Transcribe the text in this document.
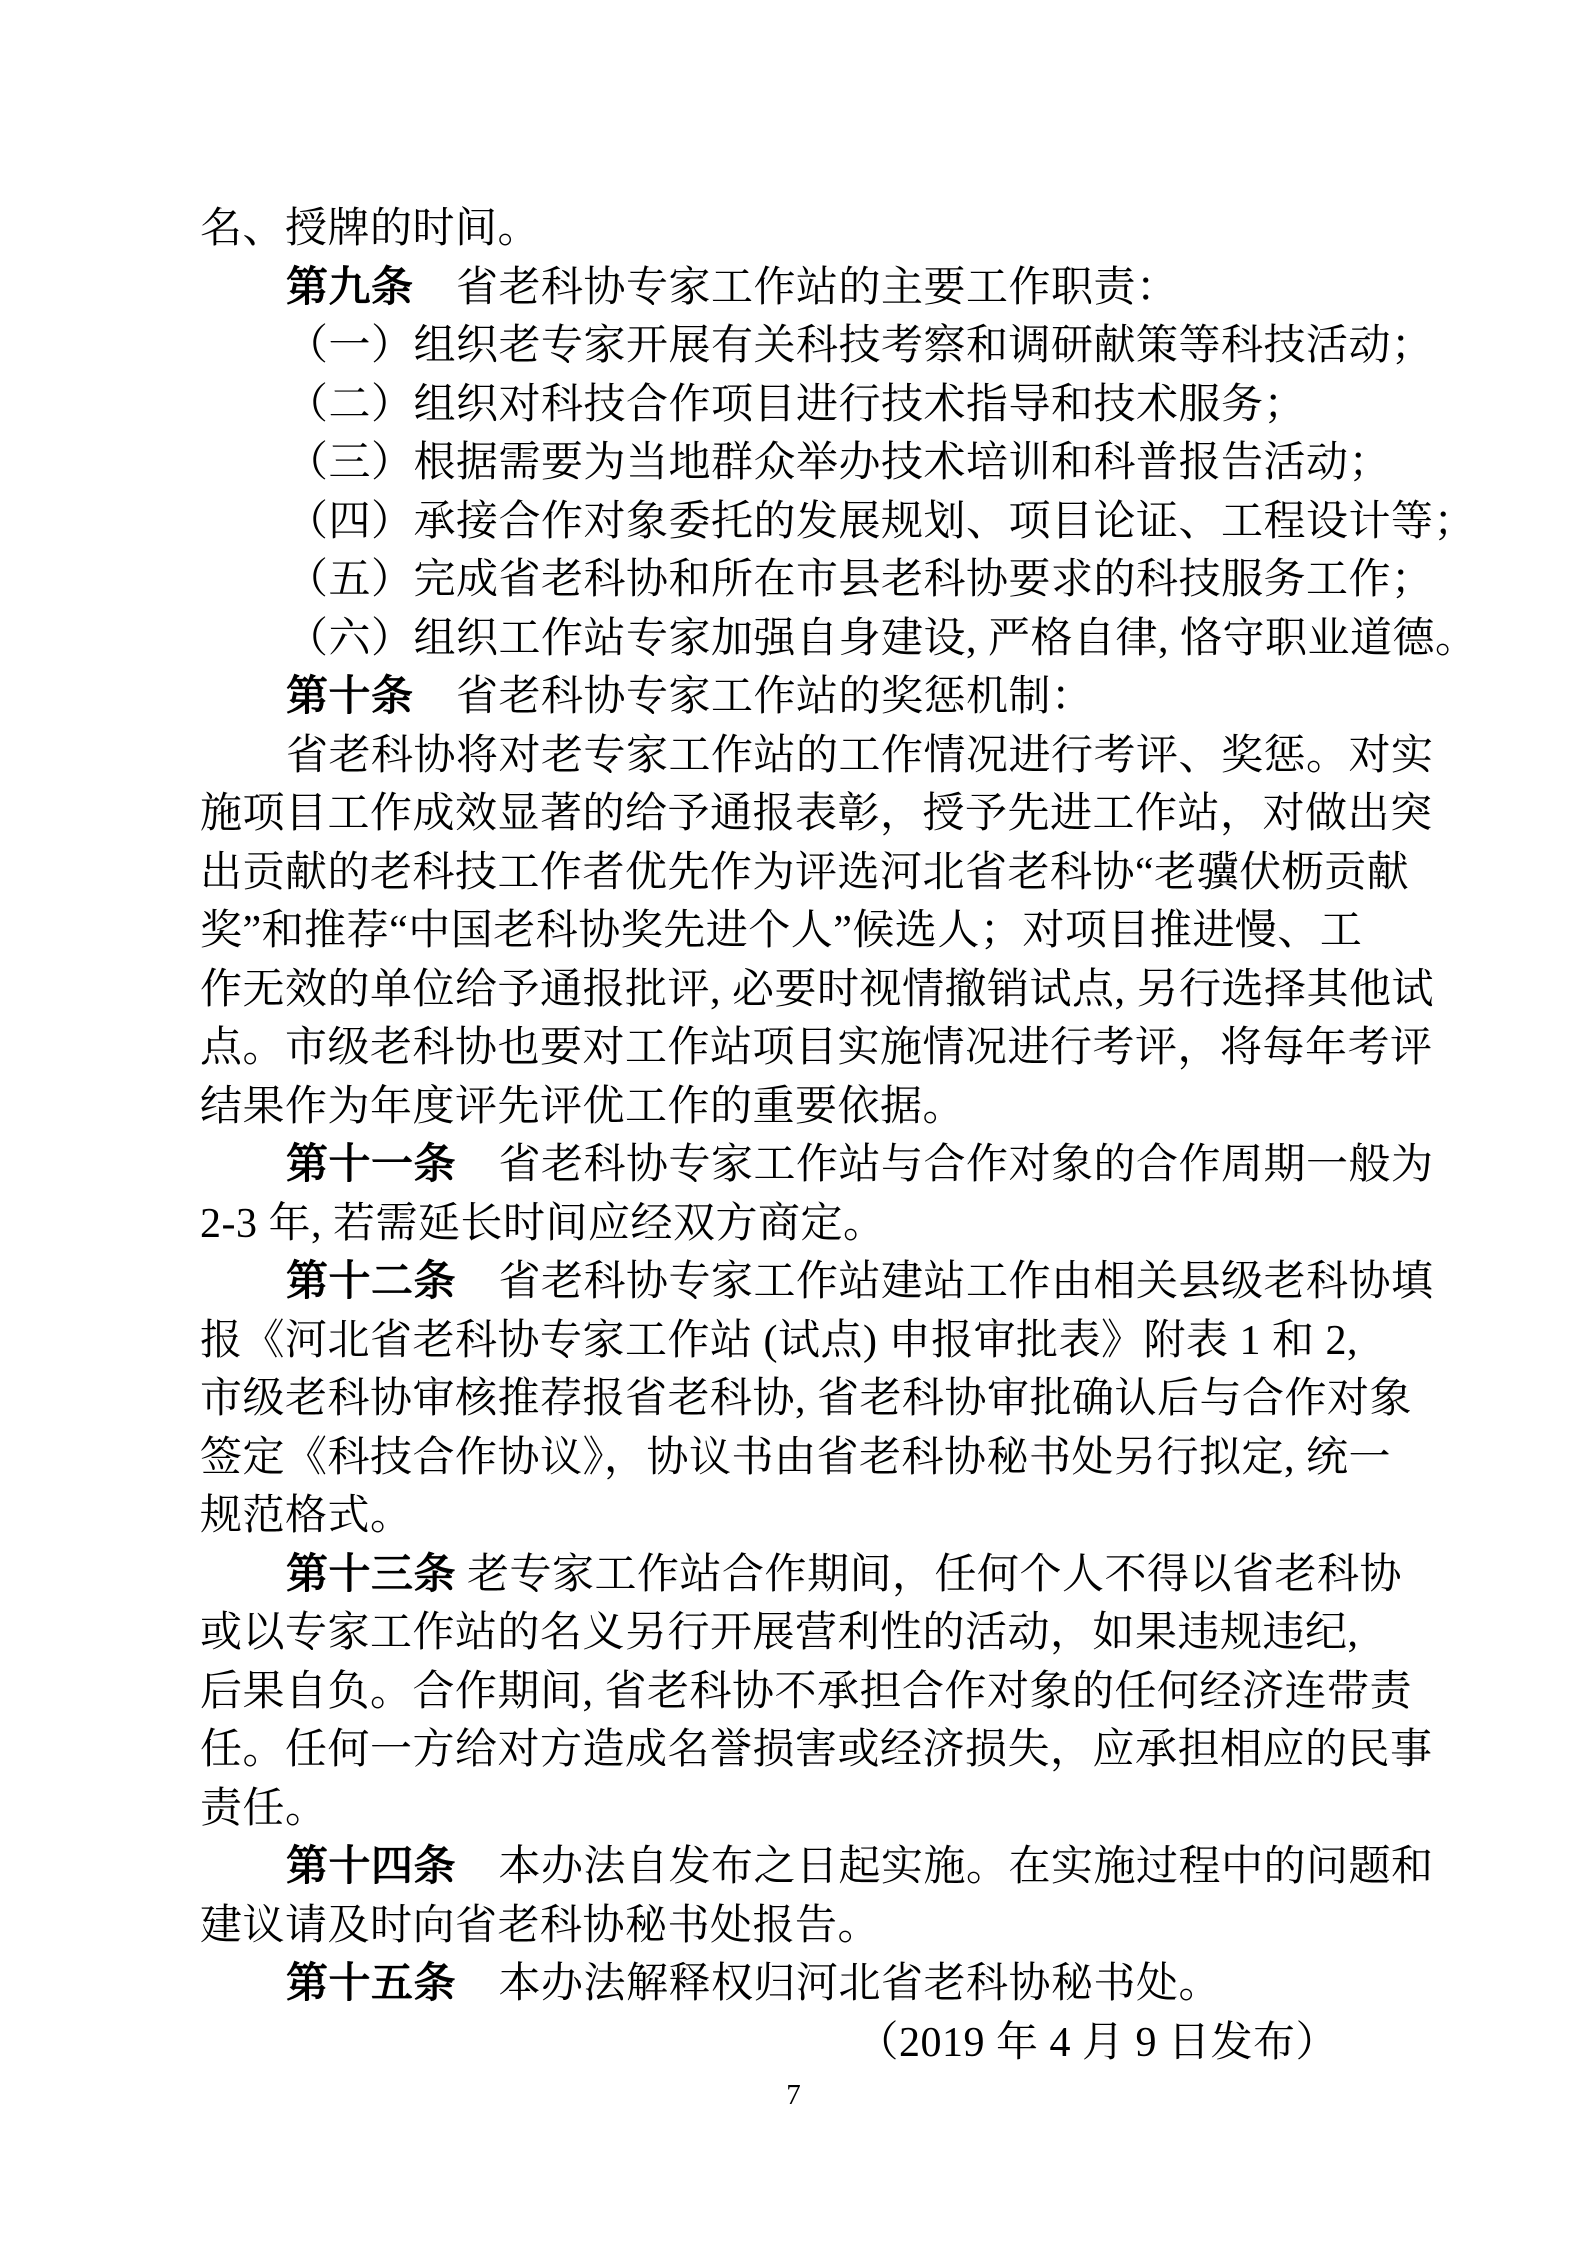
名、授牌的时间。
第九条　省老科协专家工作站的主要工作职责：
（一）组织老专家开展有关科技考察和调研献策等科技活动；
（二）组织对科技合作项目进行技术指导和技术服务；
（三）根据需要为当地群众举办技术培训和科普报告活动；
（四）承接合作对象委托的发展规划、项目论证、工程设计等；
（五）完成省老科协和所在市县老科协要求的科技服务工作；
（六）组织工作站专家加强自身建设, 严格自律, 恪守职业道德。
第十条　省老科协专家工作站的奖惩机制：
省老科协将对老专家工作站的工作情况进行考评、奖惩。对实
施项目工作成效显著的给予通报表彰，授予先进工作站，对做出突
出贡献的老科技工作者优先作为评选河北省老科协“老骥伏枥贡献
奖”和推荐“中国老科协奖先进个人”候选人；对项目推进慢、工
作无效的单位给予通报批评, 必要时视情撤销试点, 另行选择其他试
点。市级老科协也要对工作站项目实施情况进行考评，将每年考评
结果作为年度评先评优工作的重要依据。
第十一条　省老科协专家工作站与合作对象的合作周期一般为
2-3 年, 若需延长时间应经双方商定。
第十二条　省老科协专家工作站建站工作由相关县级老科协填
报《河北省老科协专家工作站 (试点) 申报审批表》附表 1 和 2,
市级老科协审核推荐报省老科协, 省老科协审批确认后与合作对象
签定《科技合作协议》，协议书由省老科协秘书处另行拟定, 统一
规范格式。
第十三条 老专家工作站合作期间，任何个人不得以省老科协
或以专家工作站的名义另行开展营利性的活动，如果违规违纪,
后果自负。合作期间, 省老科协不承担合作对象的任何经济连带责
任。任何一方给对方造成名誉损害或经济损失，应承担相应的民事
责任。
第十四条　本办法自发布之日起实施。在实施过程中的问题和
建议请及时向省老科协秘书处报告。
第十五条　本办法解释权归河北省老科协秘书处。
（2019 年 4 月 9 日发布）
7
